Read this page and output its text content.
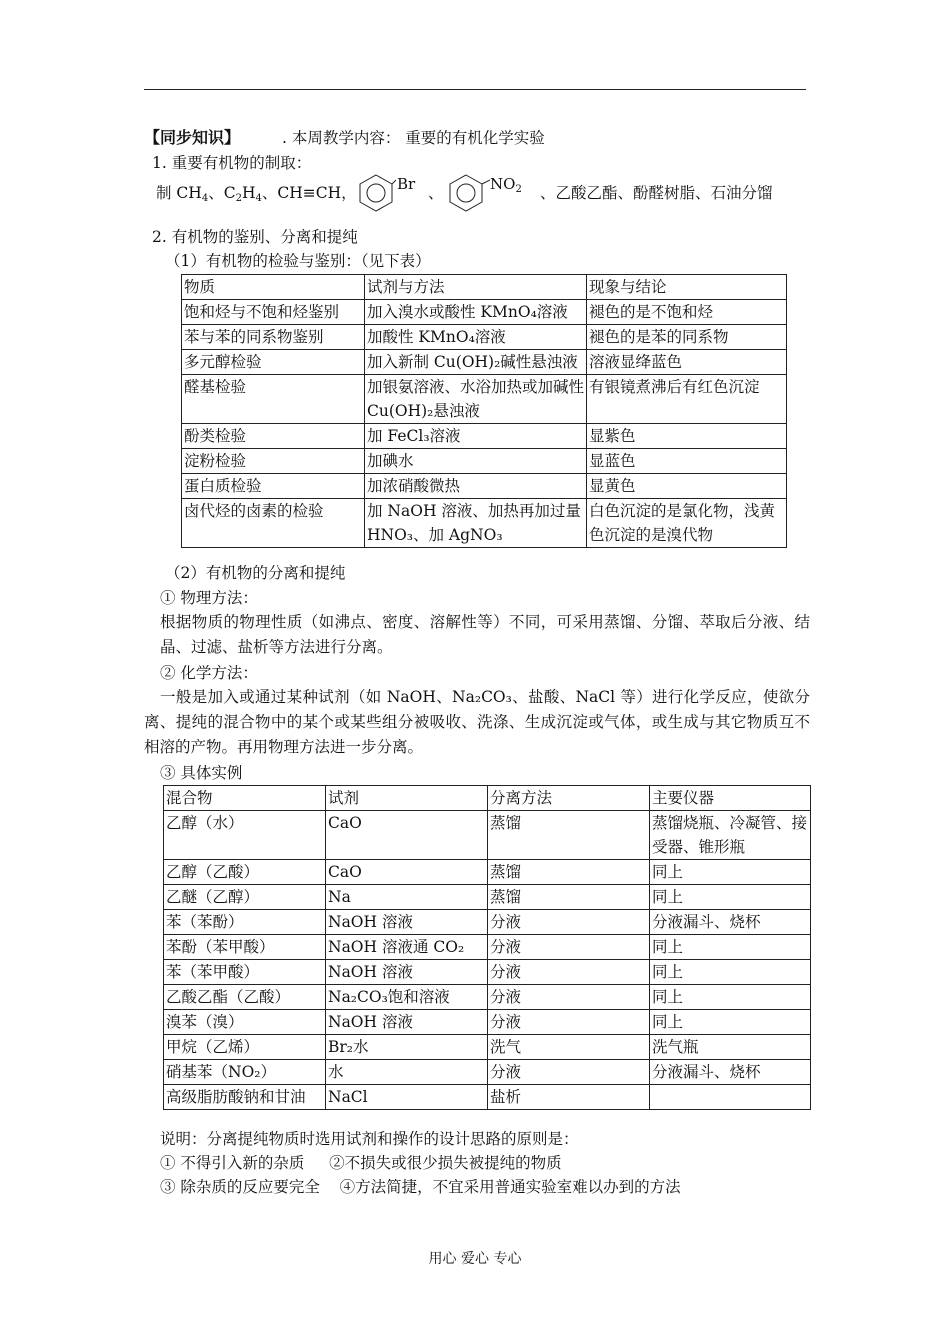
【同步知识】	. 本周教学内容： 重要的有机化学实验
1. 重要有机物的制取：
制 $CH_4$、$C_2H_4$、CH≡CH，	Br 、	$NO_2$ 、乙酸乙酯、酚醛树脂、石油分馏
2. 有机物的鉴别、分离和提纯
（1）有机物的检验与鉴别：（见下表）
物质	试剂与方法	现象与结论
饱和烃与不饱和烃鉴别	加入溴水或酸性 KMnO₄溶液	褪色的是不饱和烃
苯与苯的同系物鉴别	加酸性 KMnO₄溶液	褪色的是苯的同系物
多元醇检验	加入新制 Cu(OH)₂碱性悬浊液	溶液显绛蓝色
醛基检验	加银氨溶液、水浴加热或加碱性 Cu(OH)₂悬浊液	有银镜煮沸后有红色沉淀
酚类检验	加 FeCl₃溶液	显紫色
淀粉检验	加碘水	显蓝色
蛋白质检验	加浓硝酸微热	显黄色
卤代烃的卤素的检验	加 NaOH 溶液、加热再加过量 HNO₃、加 AgNO₃	白色沉淀的是氯化物，浅黄色沉淀的是溴代物
（2）有机物的分离和提纯
① 物理方法：
根据物质的物理性质（如沸点、密度、溶解性等）不同，可采用蒸馏、分馏、萃取后分液、结晶、过滤、盐析等方法进行分离。
② 化学方法：
一般是加入或通过某种试剂（如 NaOH、Na₂CO₃、盐酸、NaCl 等）进行化学反应，使欲分离、提纯的混合物中的某个或某些组分被吸收、洗涤、生成沉淀或气体，或生成与其它物质互不相溶的产物。再用物理方法进一步分离。
③ 具体实例
混合物	试剂	分离方法	主要仪器
乙醇（水）	CaO	蒸馏	蒸馏烧瓶、冷凝管、接受器、锥形瓶
乙醇（乙酸）	CaO	蒸馏	同上
乙醚（乙醇）	Na	蒸馏	同上
苯（苯酚）	NaOH 溶液	分液	分液漏斗、烧杯
苯酚（苯甲酸）	NaOH 溶液通 CO₂	分液	同上
苯（苯甲酸）	NaOH 溶液	分液	同上
乙酸乙酯（乙酸）	Na₂CO₃饱和溶液	分液	同上
溴苯（溴）	NaOH 溶液	分液	同上
甲烷（乙烯）	Br₂水	洗气	洗气瓶
硝基苯（NO₂）	水	分液	分液漏斗、烧杯
高级脂肪酸钠和甘油	NaCl	盐析	
说明：分离提纯物质时选用试剂和操作的设计思路的原则是：
① 不得引入新的杂质     ②不损失或很少损失被提纯的物质
③ 除杂质的反应要完全    ④方法简捷，不宜采用普通实验室难以办到的方法
用心 爱心 专心
